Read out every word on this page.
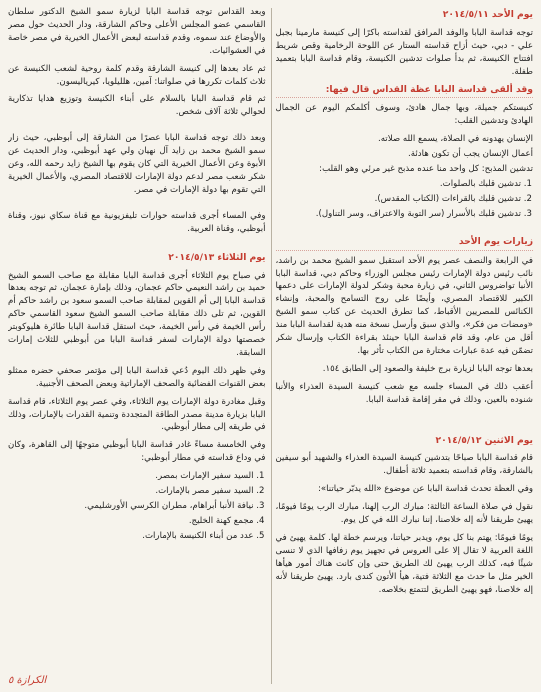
يوم الأحد ٢٠١٤/٥/١١

توجه قداسة البابا والوفد المرافق لقداسته باكرًا إلى كنيسة مارمينا بجبل علي - دبي، حيث أزاح قداسته الستار عن اللوحة الرخامية وقص شريط افتتاح الكنيسة، ثم بدأ صلوات تدشين الكنيسة، وقام قداسة البابا بتعميد طفلة.

وقد ألقى قداسة البابا عظة القداس قال فيها:

كنيستكم جميلة، وبها جمال هادئ، وسوف أكلمكم اليوم عن الجمال الهادئ وتدشين القلب:

الإنسان يهدونه في الصلاة، يسمع الله صلاته.

أعمال الإنسان يجب أن تكون هادئة.

تدشين المذبح: كل واحد منا عنده مذبح غير مرئي وهو القلب:

1. تدشين قلبك بالصلوات.
2. تدشين قلبك بالقراءات (الكتاب المقدس).
3. تدشين قلبك بالأسرار (سر التوبة والاعتراف، وسر التناول).
زيارات يوم الأحد

في الرابعة والنصف عصر يوم الأحد استقبل سمو الشيخ محمد بن راشد، نائب رئيس دولة الإمارات رئيس مجلس الوزراء وحاكم دبي، قداسة البابا الأنبا تواضروس الثاني، في زيارة محبة وشكر لدولة الإمارات على دعمها الكبير للاقتصاد المصري، وأيضًا على روح التسامح والمحبة، وإنشاء الكنائس للمصريين الأقباط، كما تطرق الحديث عن كتاب سمو الشيخ «ومضات من فكر»، والذي سبق وأرسل نسخة منه هدية لقداسة البابا منذ أقل من عام، وقد قام قداسة البابا حينئذ بقراءة الكتاب وإرسال شكر تضمّن فيه عدة عبارات مختارة من الكتاب تأثر بها.

بعدها توجه البابا لزيارة برج خليفة والصعود إلى الطابق ١٥٤.

أعقب ذلك في المساء جلسه مع شعب كنيسة السيدة العذراء والأنبا شنوده بالعين، وذلك في مقر إقامة قداسة البابا.

يوم الاثنين ٢٠١٤/٥/١٢

قام قداسة البابا صباحًا بتدشين كنيسة السيدة العذراء والشهيد أبو سيفين بالشارقة، وقام قداسته بتعميد ثلاثة أطفال.

وفي العظة تحدث قداسة البابا عن موضوع «الله يدبّر حياتنا»:

نقول في صلاة الساعة الثالثة: مبارك الرب إلهنا، مبارك الرب يومًا فيومًا، يهيئ طريقنا لأنه إله خلاصنا، إننا نبارك الله في كل يوم.

يومًا فيومًا: يهتم بنا كل يوم، ويدبر حياتنا، ويرسم خطة لها. كلمة يهيئ في اللغة العربية لا تقال إلا على العروس في تجهيز يوم زفافها الذي لا تنسى شيئًا فيه، كذلك الرب يهيئ لك الطريق حتى وإن كانت هناك أمور هيأها الخير مثل ما حدث مع الثلاثة فتية، هيأ الأتون كندى بارد. يهيئ طريقنا لأنه إله خلاصنا، فهو يهيئ الطريق لتتمتع بخلاصه.

وبعد القداس توجه قداسة البابا لزيارة سمو الشيخ الدكتور سلطان القاسمي عضو المجلس الأعلى وحاكم الشارقة، ودار الحديث حول مصر والأوضاع عند سموه، وقدم قداسته لبعض الأعمال الخيرية في مصر خاصة في العشوائيات.

ثم عاد بعدها إلى كنيسة الشارقة وقدم كلمة روحية لشعب الكنيسة عن ثلاث كلمات تكررها في صلواتنا: آمين، هلليلويا، كيرياليسون.

ثم قام قداسة البابا بالسلام على أبناء الكنيسة وتوزيع هدايا تذكارية لحوالي ثلاثة آلاف شخص.

وبعد ذلك توجه قداسة البابا عصرًا من الشارقة إلى أبوظبي، حيث زار سمو الشيخ محمد بن زايد آل نهيان ولي عهد أبوظبي، ودار الحديث عن الأبوة وعن الأعمال الخيرية التي كان يقوم بها الشيخ زايد رحمه الله، وعن شكر شعب مصر لدعم دولة الإمارات للاقتصاد المصري، والأعمال الخيرية التي تقوم بها دولة الإمارات في مصر.

وفي المساء أجرى قداسته حوارات تليفزيونية مع قناة سكاي نيوز، وقناة أبوظبي، وقناة العربية.

يوم الثلاثاء ٢٠١٤/٥/١٣

في صباح يوم الثلاثاء أجرى قداسة البابا مقابلة مع صاحب السمو الشيخ حميد بن راشد النعيمي حاكم عجمان، وذلك بإمارة عجمان، ثم توجه بعدها قداسة البابا إلى أم القوين لمقابلة صاحب السمو سعود بن راشد حاكم أم القوين، ثم تلى ذلك مقابلة صاحب السمو الشيخ سعود القاسمي حاكم رأس الخيمة في رأس الخيمة، حيث استقل قداسة البابا طائرة هليوكوبتر خصصتها دولة الإمارات لسفر قداسة البابا من أبوظبي للثلاث إمارات السابقة.

وفي ظهر ذلك اليوم دُعي قداسة البابا إلى مؤتمر صحفي حضره ممثلو بعض القنوات الفضائية والصحف الإماراتية وبعض الصحف الأجنبية.

وقبل مغادرة دولة الإمارات يوم الثلاثاء، وفي عصر يوم الثلاثاء، قام قداسة البابا بزيارة مدينة مصدر الطاقة المتجددة وتنمية القدرات بالإمارات، وذلك في طريقه إلى مطار أبوظبي.

وفي الخامسة مساءً غادر قداسة البابا أبوظبي متوجهًا إلى القاهرة، وكان في وداع قداسته في مطار أبوظبي:

1. السيد سفير الإمارات بمصر.
2. السيد سفير مصر بالإمارات.
3. نيافة الأنبا أبراهام، مطران الكرسي الأورشليمي.
4. مجمع كهنة الخليج.
5. عدد من أبناء الكنيسة بالإمارات.
الكرازة ٥
